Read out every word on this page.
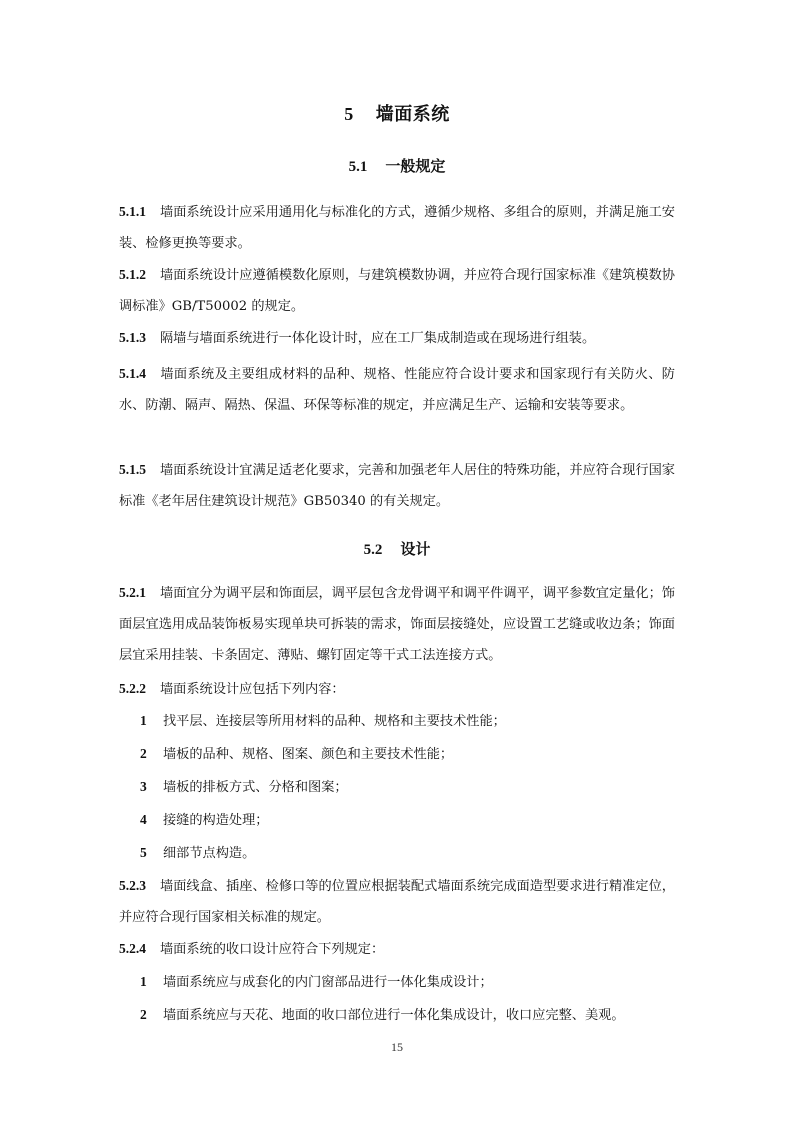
5 墙面系统
5.1 一般规定
5.1.1 墙面系统设计应采用通用化与标准化的方式，遵循少规格、多组合的原则，并满足施工安装、检修更换等要求。
5.1.2 墙面系统设计应遵循模数化原则，与建筑模数协调，并应符合现行国家标准《建筑模数协调标准》GB/T50002 的规定。
5.1.3 隔墙与墙面系统进行一体化设计时，应在工厂集成制造或在现场进行组装。
5.1.4 墙面系统及主要组成材料的品种、规格、性能应符合设计要求和国家现行有关防火、防水、防潮、隔声、隔热、保温、环保等标准的规定，并应满足生产、运输和安装等要求。
5.1.5 墙面系统设计宜满足适老化要求，完善和加强老年人居住的特殊功能，并应符合现行国家标准《老年居住建筑设计规范》GB50340 的有关规定。
5.2 设计
5.2.1 墙面宜分为调平层和饰面层，调平层包含龙骨调平和调平件调平，调平参数宜定量化；饰面层宜选用成品装饰板易实现单块可拆装的需求，饰面层接缝处，应设置工艺缝或收边条；饰面层宜采用挂装、卡条固定、薄贴、螺钉固定等干式工法连接方式。
5.2.2 墙面系统设计应包括下列内容：
1 找平层、连接层等所用材料的品种、规格和主要技术性能；
2 墙板的品种、规格、图案、颜色和主要技术性能；
3 墙板的排板方式、分格和图案；
4 接缝的构造处理；
5 细部节点构造。
5.2.3 墙面线盒、插座、检修口等的位置应根据装配式墙面系统完成面造型要求进行精准定位，并应符合现行国家相关标准的规定。
5.2.4 墙面系统的收口设计应符合下列规定：
1 墙面系统应与成套化的内门窗部品进行一体化集成设计；
2 墙面系统应与天花、地面的收口部位进行一体化集成设计，收口应完整、美观。
15
